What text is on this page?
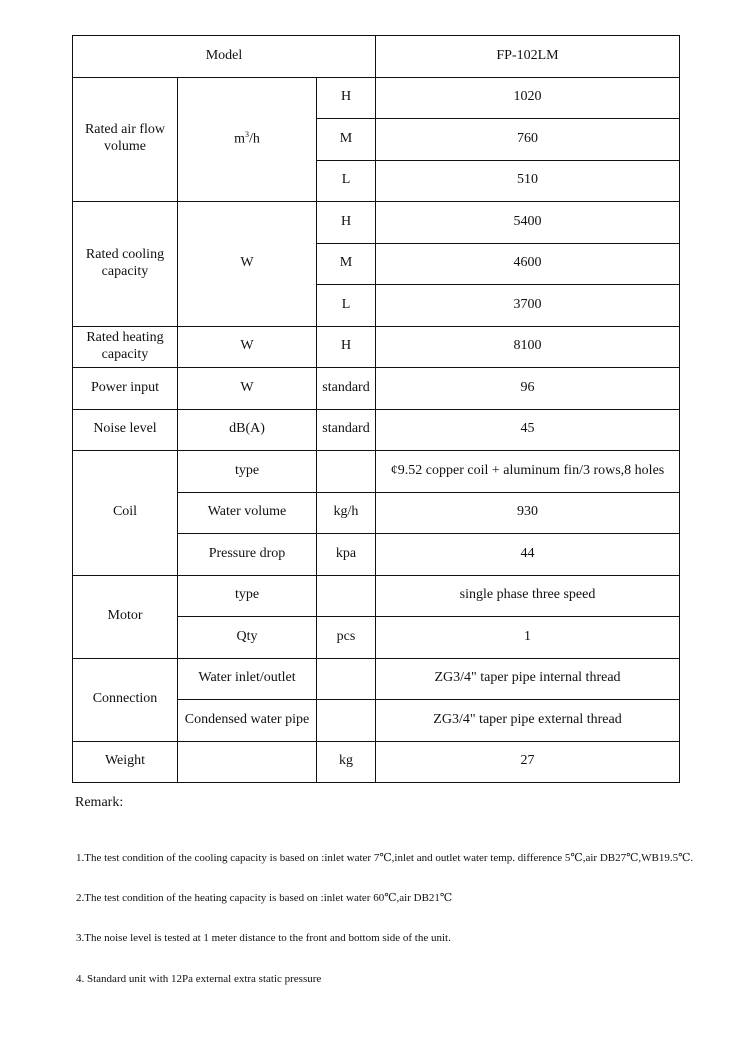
Model			FP-102LM
Rated air flow volume	$m^3/h$	H	1020
		M	760
		L	510
Rated cooling capacity	W	H	5400
		M	4600
		L	3700
Rated heating capacity	W	H	8100
Power input	W	standard	96
Noise level	dB(A)	standard	45
Coil	type		¢9.52 copper coil + aluminum fin/3 rows,8 holes
	Water volume	kg/h	930
	Pressure drop	kpa	44
Motor	type		single phase three speed
	Qty	pcs	1
Connection	Water inlet/outlet		ZG3/4" taper pipe internal thread
	Condensed water pipe		ZG3/4" taper pipe external thread
Weight		kg	27
Remark:
1.The test condition of the cooling capacity is based on :inlet water 7℃,inlet and outlet water temp. difference 5℃,air DB27℃,WB19.5℃.
2.The test condition of the heating capacity is based on :inlet water 60℃,air DB21℃
3.The noise level is tested at 1 meter distance to the front and bottom side of the unit.
4. Standard unit with 12Pa external extra static pressure
